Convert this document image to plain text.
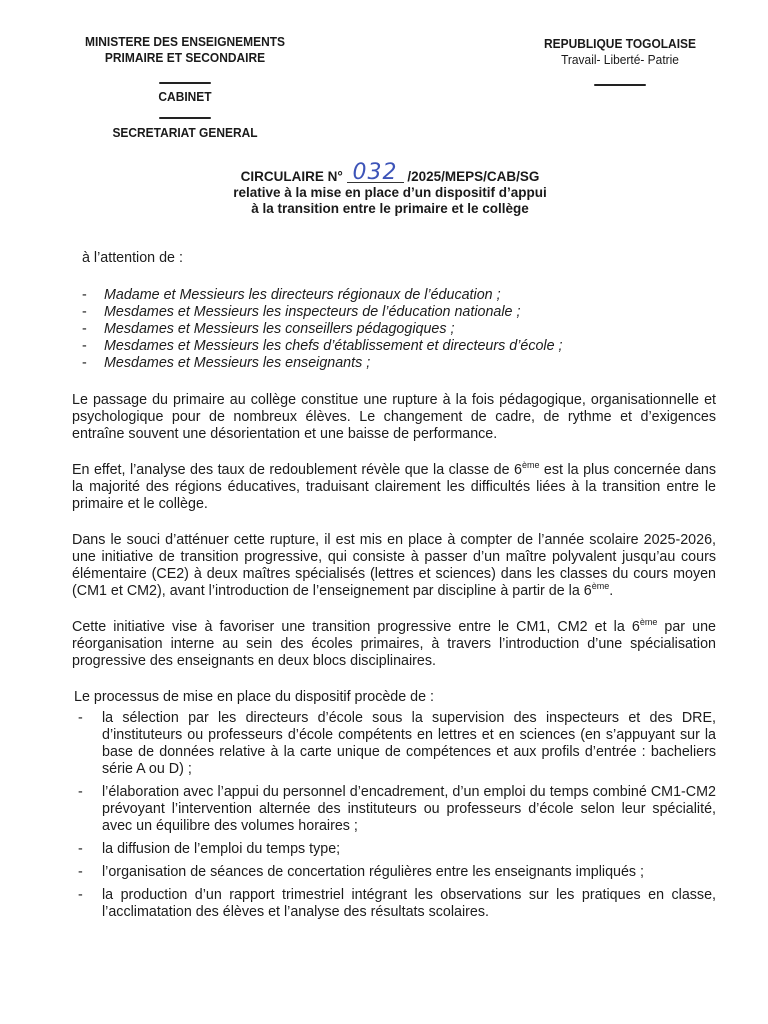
MINISTERE DES ENSEIGNEMENTS
PRIMAIRE ET SECONDAIRE
CABINET
SECRETARIAT GENERAL
REPUBLIQUE TOGOLAISE
Travail- Liberté- Patrie
CIRCULAIRE N° 032 /2025/MEPS/CAB/SG
relative à la mise en place d’un dispositif d’appui
à la transition entre le primaire et le collège
à l’attention de :
- Madame et Messieurs les directeurs régionaux de l’éducation ;
- Mesdames et Messieurs les inspecteurs de l’éducation nationale ;
- Mesdames et Messieurs les conseillers pédagogiques ;
- Mesdames et Messieurs les chefs d’établissement et directeurs d’école ;
- Mesdames et Messieurs les enseignants ;

Le passage du primaire au collège constitue une rupture à la fois pédagogique, organisationnelle et psychologique pour de nombreux élèves. Le changement de cadre, de rythme et d’exigences entraîne souvent une désorientation et une baisse de performance.

En effet, l’analyse des taux de redoublement révèle que la classe de 6ème est la plus concernée dans la majorité des régions éducatives, traduisant clairement les difficultés liées à la transition entre le primaire et le collège.

Dans le souci d’atténuer cette rupture, il est mis en place à compter de l’année scolaire 2025-2026, une initiative de transition progressive, qui consiste à passer d’un maître polyvalent jusqu’au cours élémentaire (CE2) à deux maîtres spécialisés (lettres et sciences) dans les classes du cours moyen (CM1 et CM2), avant l’introduction de l’enseignement par discipline à partir de la 6ème.

Cette initiative vise à favoriser une transition progressive entre le CM1, CM2 et la 6ème par une réorganisation interne au sein des écoles primaires, à travers l’introduction d’une spécialisation progressive des enseignants en deux blocs disciplinaires.

Le processus de mise en place du dispositif procède de :
- la sélection par les directeurs d’école sous la supervision des inspecteurs et des DRE, d’instituteurs ou professeurs d’école compétents en lettres et en sciences (en s’appuyant sur la base de données relative à la carte unique de compétences et aux profils d’entrée : bacheliers série A ou D) ;
- l’élaboration avec l’appui du personnel d’encadrement, d’un emploi du temps combiné CM1-CM2 prévoyant l’intervention alternée des instituteurs ou professeurs d’école selon leur spécialité, avec un équilibre des volumes horaires ;
- la diffusion de l’emploi du temps type;
- l’organisation de séances de concertation régulières entre les enseignants impliqués ;
- la production d’un rapport trimestriel intégrant les observations sur les pratiques en classe, l’acclimatation des élèves et l’analyse des résultats scolaires.
